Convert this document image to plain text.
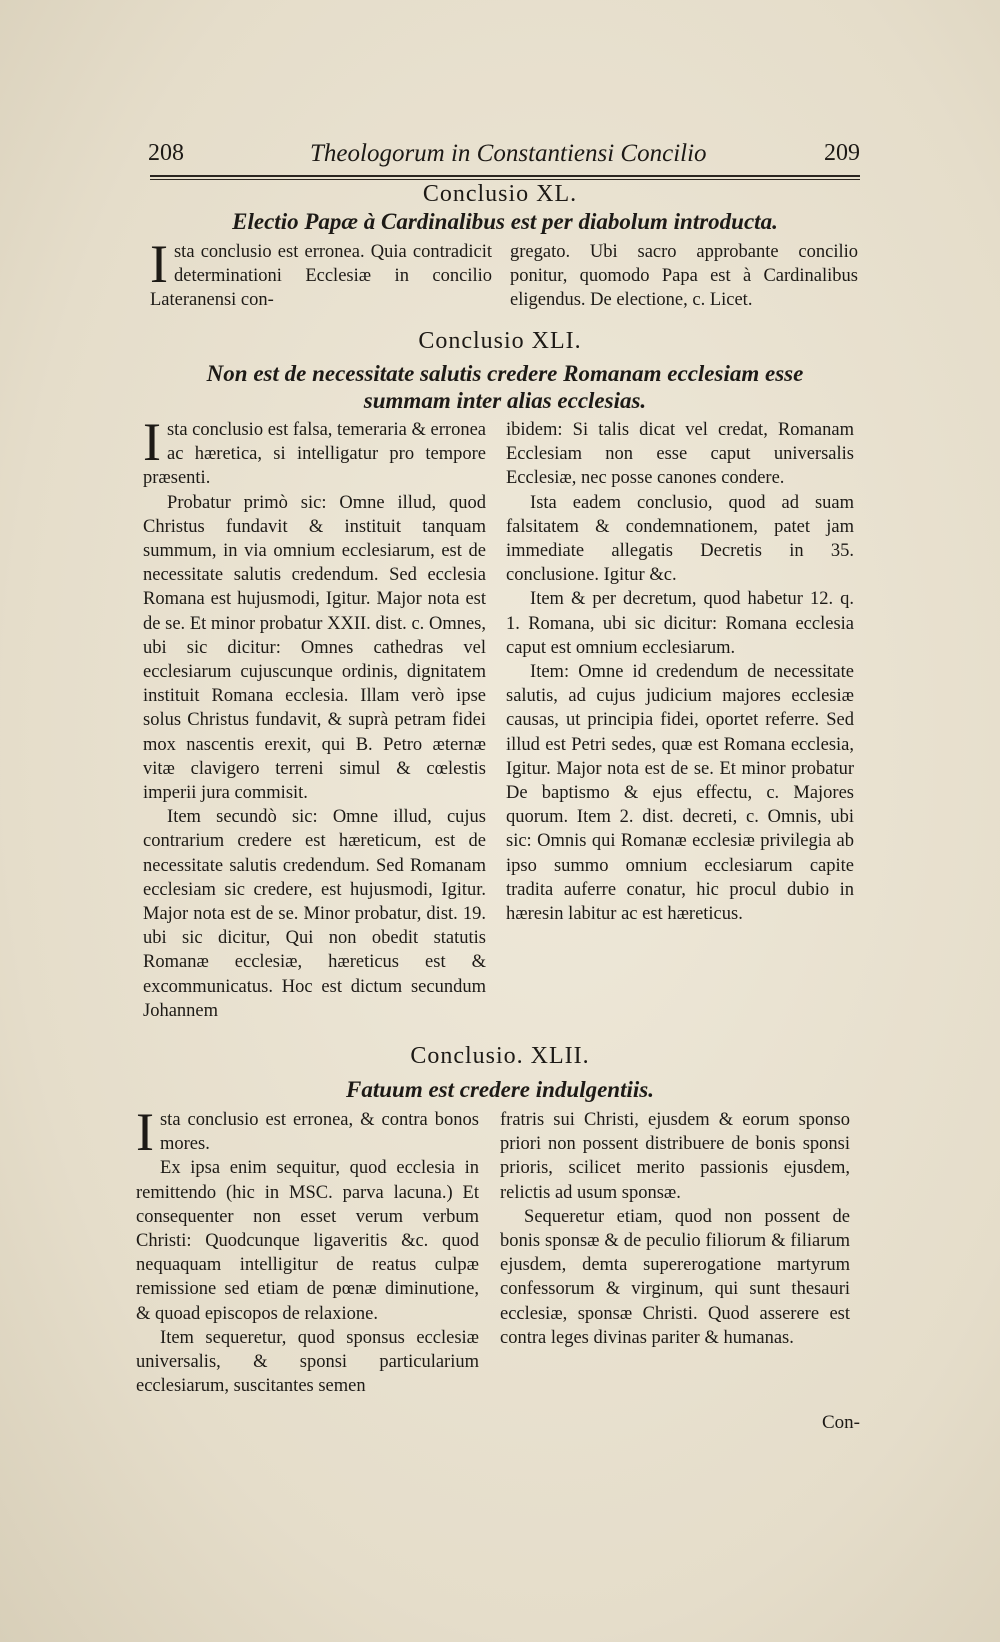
208	Theologorum in Constantiensi Concilio	209
Conclusio XL.
Electio Papæ à Cardinalibus est per diabolum introducta.

Ista conclusio est erronea. Quia contradicit determinationi Ecclesiæ in concilio Lateranensi con-

gregato. Ubi sacro approbante concilio ponitur, quomodo Papa est à Cardinalibus eligendus. De electione, c. Licet.

Conclusio XLI.
Non est de necessitate salutis credere Romanam ecclesiam esse summam inter alias ecclesias.

Ista conclusio est falsa, temeraria & erronea ac hæretica, si intelligatur pro tempore præsenti.

Probatur primò sic: Omne illud, quod Christus fundavit & instituit tanquam summum, in via omnium ecclesiarum, est de necessitate salutis credendum. Sed ecclesia Romana est hujusmodi, Igitur. Major nota est de se. Et minor probatur XXII. dist. c. Omnes, ubi sic dicitur: Omnes cathedras vel ecclesiarum cujuscunque ordinis, dignitatem instituit Romana ecclesia. Illam verò ipse solus Christus fundavit, & suprà petram fidei mox nascentis erexit, qui B. Petro æternæ vitæ clavigero terreni simul & cœlestis imperii jura commisit.

Item secundò sic: Omne illud, cujus contrarium credere est hæreticum, est de necessitate salutis credendum. Sed Romanam ecclesiam sic credere, est hujusmodi, Igitur. Major nota est de se. Minor probatur, dist. 19. ubi sic dicitur, Qui non obedit statutis Romanæ ecclesiæ, hæreticus est & excommunicatus. Hoc est dictum secundum Johannem

ibidem: Si talis dicat vel credat, Romanam Ecclesiam non esse caput universalis Ecclesiæ, nec posse canones condere.

Ista eadem conclusio, quod ad suam falsitatem & condemnationem, patet jam immediate allegatis Decretis in 35. conclusione. Igitur &c.

Item & per decretum, quod habetur 12. q. 1. Romana, ubi sic dicitur: Romana ecclesia caput est omnium ecclesiarum.

Item: Omne id credendum de necessitate salutis, ad cujus judicium majores ecclesiæ causas, ut principia fidei, oportet referre. Sed illud est Petri sedes, quæ est Romana ecclesia, Igitur. Major nota est de se. Et minor probatur De baptismo & ejus effectu, c. Majores quorum. Item 2. dist. decreti, c. Omnis, ubi sic: Omnis qui Romanæ ecclesiæ privilegia ab ipso summo omnium ecclesiarum capite tradita auferre conatur, hic procul dubio in hæresin labitur ac est hæreticus.

Conclusio. XLII.
Fatuum est credere indulgentiis.

Ista conclusio est erronea, & contra bonos mores.

Ex ipsa enim sequitur, quod ecclesia in remittendo (hic in MSC. parva lacuna.) Et consequenter non esset verum verbum Christi: Quodcunque ligaveritis &c. quod nequaquam intelligitur de reatus culpæ remissione sed etiam de pœnæ diminutione, & quoad episcopos de relaxione.

Item sequeretur, quod sponsus ecclesiæ universalis, & sponsi particularium ecclesiarum, suscitantes semen

fratris sui Christi, ejusdem & eorum sponso priori non possent distribuere de bonis sponsi prioris, scilicet merito passionis ejusdem, relictis ad usum sponsæ.

Sequeretur etiam, quod non possent de bonis sponsæ & de peculio filiorum & filiarum ejusdem, demta supererogatione martyrum confessorum & virginum, qui sunt thesauri ecclesiæ, sponsæ Christi. Quod asserere est contra leges divinas pariter & humanas.

Con-
